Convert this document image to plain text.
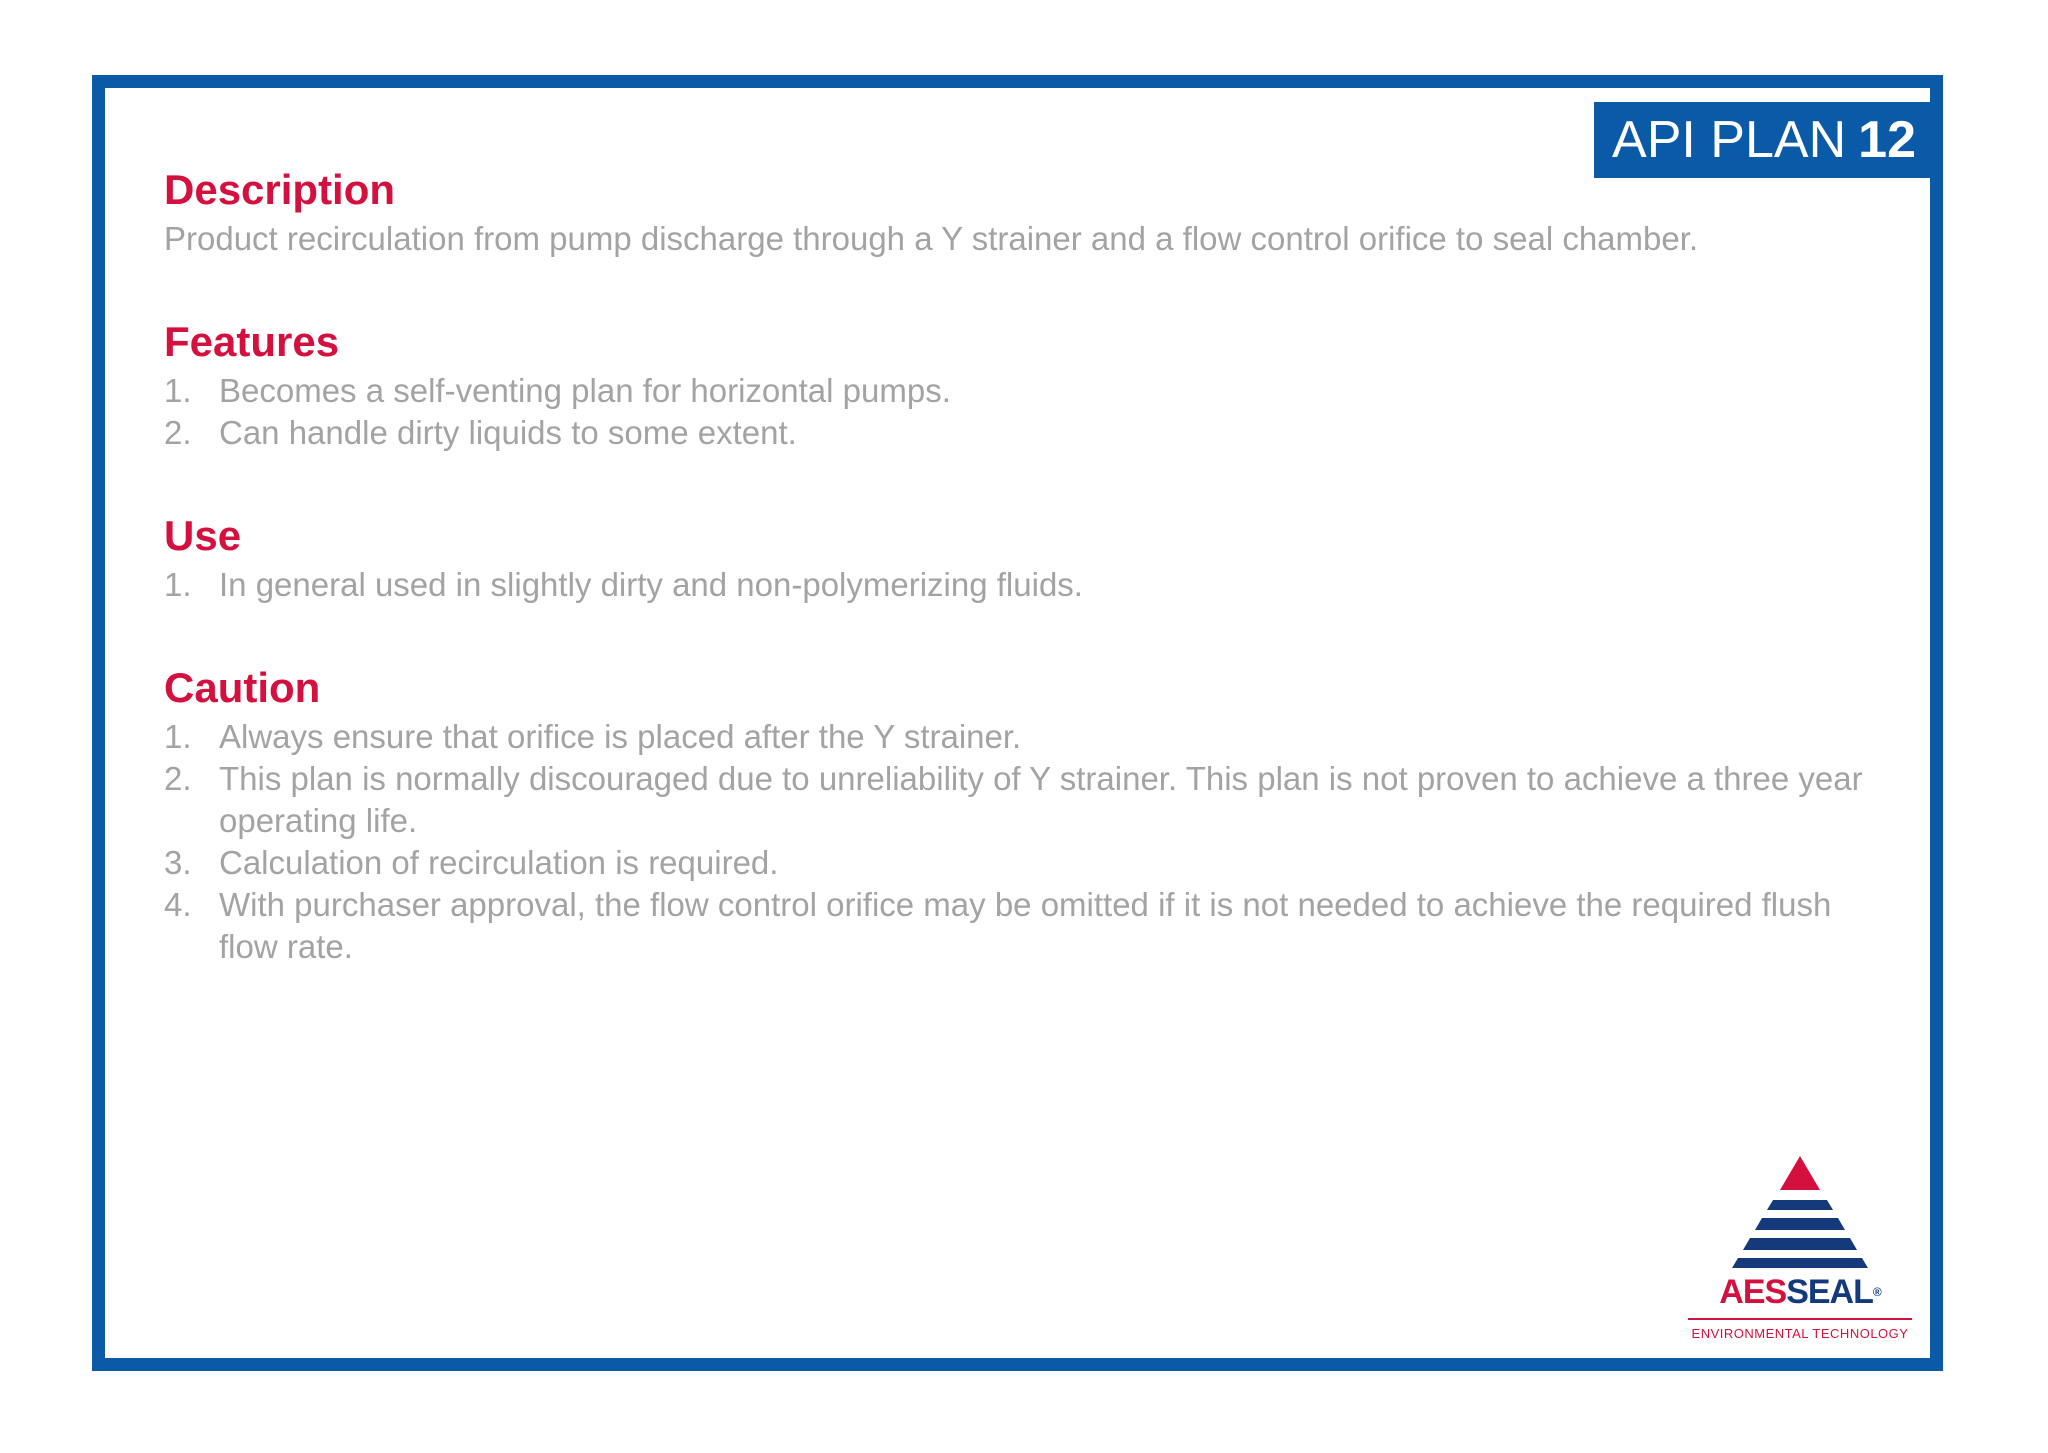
API PLAN 12
Description

Product recirculation from pump discharge through a Y strainer and a flow control orifice to seal chamber.

Features
1. Becomes a self-venting plan for horizontal pumps.
2. Can handle dirty liquids to some extent.
Use
1. In general used in slightly dirty and non-polymerizing fluids.
Caution
1. Always ensure that orifice is placed after the Y strainer.
2. This plan is normally discouraged due to unreliability of Y strainer. This plan is not proven to achieve a three year operating life.
3. Calculation of recirculation is required.
4. With purchaser approval, the flow control orifice may be omitted if it is not needed to achieve the required flush flow rate.
AESSEAL®
ENVIRONMENTAL TECHNOLOGY
